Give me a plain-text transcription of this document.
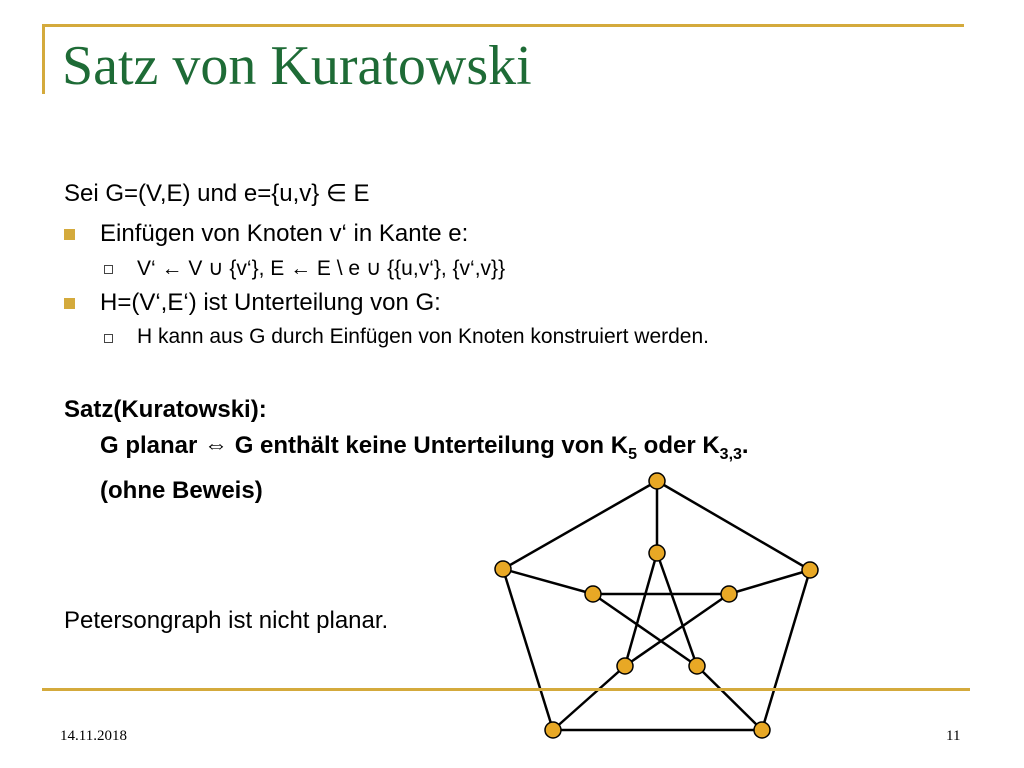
Satz von Kuratowski
Sei G=(V,E) und e={u,v} ∈ E
Einfügen von Knoten v‘ in Kante e:
V‘ ← V ∪ {v‘}, E ← E \ e ∪ {{u,v‘}, {v‘,v}}
H=(V‘,E‘) ist Unterteilung von G:
H kann aus G durch Einfügen von Knoten konstruiert werden.
Satz(Kuratowski):
G planar ⇔ G enthält keine Unterteilung von $K_5$ oder $K_{3,3}$.
(ohne Beweis)
Petersongraph ist nicht planar.
14.11.2018	11
